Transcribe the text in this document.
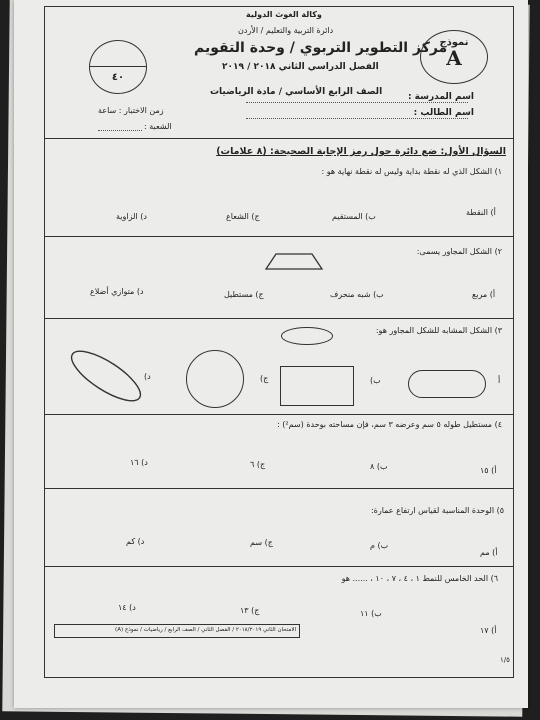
وكالة الغوث الدولية
دائرة التربية والتعليم / الأردن
مركز التطوير التربوي / وحدة التقويم
الفصل الدراسي الثاني ٢٠١٨ / ٢٠١٩
الصف الرابع الأساسي / مادة الرياضيات
نموذج
A
٤٠
اسم المدرسة :
اسم الطالب :
زمن الاختبار : ساعة
الشعبة :
السؤال الأول: ضع دائرة حول رمز الإجابة الصحيحة: (٨ علامات)
١) الشكل الذي له نقطة بداية وليس له نقطة نهاية هو :
أ) النقطة
ب) المستقيم
ج) الشعاع
د) الزاوية
٢) الشكل المجاور يسمى:
أ) مربع
ب) شبه منحرف
ج) مستطيل
د) متوازي أضلاع
٣) الشكل المشابه للشكل المجاور هو:
أ
ب)
ج)
د)
٤) مستطيل طوله ٥ سم وعرضه ٣ سم، فإن مساحته بوحدة (سم²) :
أ) ١٥
ب) ٨
ج) ٦
د) ١٦
٥) الوحدة المناسبة لقياس ارتفاع عمارة:
أ) مم
ب) م
ج) سم
د) كم
٦) الحد الخامس للنمط ١ ، ٤ ، ٧ ، ١٠ ، ...... هو
أ) ١٧
ب) ١١
ج) ١٣
د) ١٤
الامتحان الثاني ٢٠١٨/٢٠١٩ / الفصل الثاني / الصف الرابع / رياضيات / نموذج (A)
١/٥
